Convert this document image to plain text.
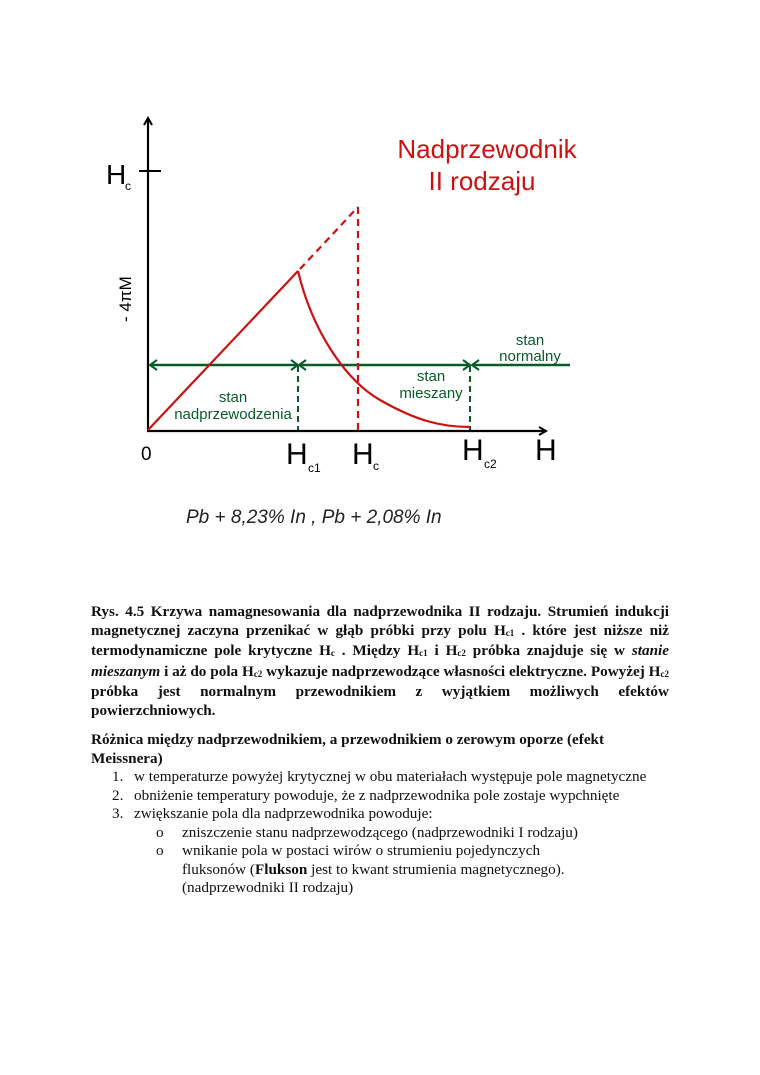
Nadprzewodnik
II rodzaju
H
c
- 4πM
0	H c1 H c	H c2 H
stan
nadprzewodzenia
stan
mieszany
stan
normalny
Pb + 8,23% In , Pb + 2,08% In
Rys. 4.5 Krzywa namagnesowania dla nadprzewodnika II rodzaju. Strumień indukcji magnetycznej zaczyna przenikać w głąb próbki przy polu $H_{c1}$ . które jest niższe niż termodynamiczne pole krytyczne $H_c$ . Między $H_{c1}$ i $H_{c2}$ próbka znajduje się w stanie mieszanym i aż do pola $H_{c2}$ wykazuje nadprzewodzące własności elektryczne. Powyżej $H_{c2}$ próbka jest normalnym przewodnikiem z wyjątkiem możliwych efektów powierzchniowych.
Różnica między nadprzewodnikiem, a przewodnikiem o zerowym oporze (efekt Meissnera)
1. w temperaturze powyżej krytycznej w obu materiałach występuje pole magnetyczne
2. obniżenie temperatury powoduje, że z nadprzewodnika pole zostaje wypchnięte
3. zwiększanie pola dla nadprzewodnika powoduje:
o zniszczenie stanu nadprzewodzącego (nadprzewodniki I rodzaju)
o wnikanie pola w postaci wirów o strumieniu pojedynczych fluksonów (Flukson jest to kwant strumienia magnetycznego). (nadprzewodniki II rodzaju)
